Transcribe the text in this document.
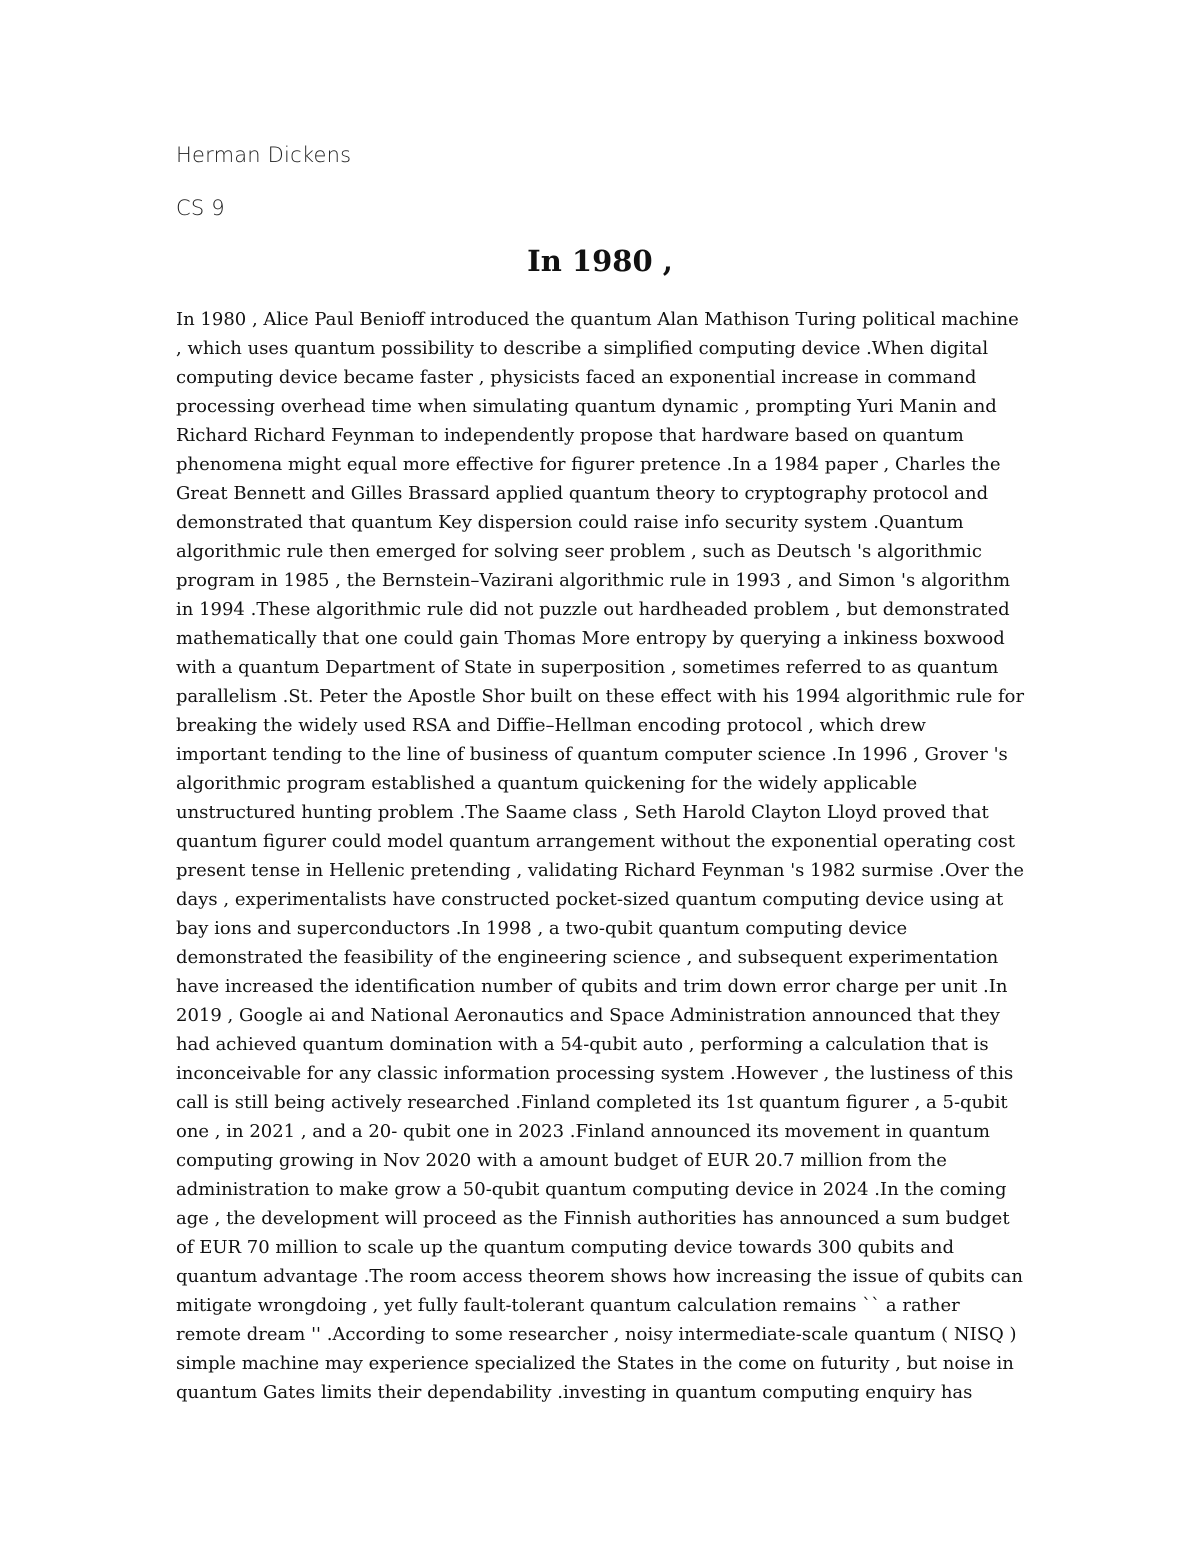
Herman Dickens

CS 9

In 1980 ,
In 1980 , Alice Paul Benioff introduced the quantum Alan Mathison Turing political machine
, which uses quantum possibility to describe a simplified computing device .When digital
computing device became faster , physicists faced an exponential increase in command
processing overhead time when simulating quantum dynamic , prompting Yuri Manin and
Richard Richard Feynman to independently propose that hardware based on quantum
phenomena might equal more effective for figurer pretence .In a 1984 paper , Charles the
Great Bennett and Gilles Brassard applied quantum theory to cryptography protocol and
demonstrated that quantum Key dispersion could raise info security system .Quantum
algorithmic rule then emerged for solving seer problem , such as Deutsch 's algorithmic
program in 1985 , the Bernstein–Vazirani algorithmic rule in 1993 , and Simon 's algorithm
in 1994 .These algorithmic rule did not puzzle out hardheaded problem , but demonstrated
mathematically that one could gain Thomas More entropy by querying a inkiness boxwood
with a quantum Department of State in superposition , sometimes referred to as quantum
parallelism .St. Peter the Apostle Shor built on these effect with his 1994 algorithmic rule for
breaking the widely used RSA and Diffie–Hellman encoding protocol , which drew
important tending to the line of business of quantum computer science .In 1996 , Grover 's
algorithmic program established a quantum quickening for the widely applicable
unstructured hunting problem .The Saame class , Seth Harold Clayton Lloyd proved that
quantum figurer could model quantum arrangement without the exponential operating cost
present tense in Hellenic pretending , validating Richard Feynman 's 1982 surmise .Over the
days , experimentalists have constructed pocket-sized quantum computing device using at
bay ions and superconductors .In 1998 , a two-qubit quantum computing device
demonstrated the feasibility of the engineering science , and subsequent experimentation
have increased the identification number of qubits and trim down error charge per unit .In
2019 , Google ai and National Aeronautics and Space Administration announced that they
had achieved quantum domination with a 54-qubit auto , performing a calculation that is
inconceivable for any classic information processing system .However , the lustiness of this
call is still being actively researched .Finland completed its 1st quantum figurer , a 5-qubit
one , in 2021 , and a 20- qubit one in 2023 .Finland announced its movement in quantum
computing growing in Nov 2020 with a amount budget of EUR 20.7 million from the
administration to make grow a 50-qubit quantum computing device in 2024 .In the coming
age , the development will proceed as the Finnish authorities has announced a sum budget
of EUR 70 million to scale up the quantum computing device towards 300 qubits and
quantum advantage .The room access theorem shows how increasing the issue of qubits can
mitigate wrongdoing , yet fully fault-tolerant quantum calculation remains `` a rather
remote dream '' .According to some researcher , noisy intermediate-scale quantum ( NISQ )
simple machine may experience specialized the States in the come on futurity , but noise in
quantum Gates limits their dependability .investing in quantum computing enquiry has
